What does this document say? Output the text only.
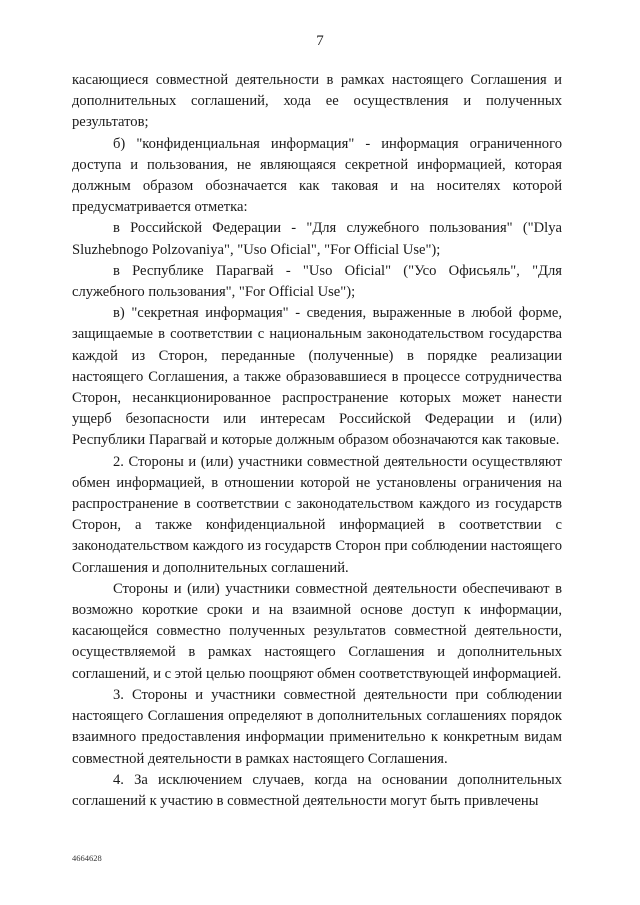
7

касающиеся совместной деятельности в рамках настоящего Соглашения и дополнительных соглашений, хода ее осуществления и полученных результатов;

б) "конфиденциальная информация" - информация ограниченного доступа и пользования, не являющаяся секретной информацией, которая должным образом обозначается как таковая и на носителях которой предусматривается отметка:

в Российской Федерации - "Для служебного пользования" ("Dlya Sluzhebnogo Polzovaniya", "Uso Oficial", "For Official Use");

в Республике Парагвай - "Uso Oficial" ("Усо Офисьяль", "Для служебного пользования", "For Official Use");

в) "секретная информация" - сведения, выраженные в любой форме, защищаемые в соответствии с национальным законодательством государства каждой из Сторон, переданные (полученные) в порядке реализации настоящего Соглашения, а также образовавшиеся в процессе сотрудничества Сторон, несанкционированное распространение которых может нанести ущерб безопасности или интересам Российской Федерации и (или) Республики Парагвай и которые должным образом обозначаются как таковые.

2. Стороны и (или) участники совместной деятельности осуществляют обмен информацией, в отношении которой не установлены ограничения на распространение в соответствии с законодательством каждого из государств Сторон, а также конфиденциальной информацией в соответствии с законодательством каждого из государств Сторон при соблюдении настоящего Соглашения и дополнительных соглашений.

Стороны и (или) участники совместной деятельности обеспечивают в возможно короткие сроки и на взаимной основе доступ к информации, касающейся совместно полученных результатов совместной деятельности, осуществляемой в рамках настоящего Соглашения и дополнительных соглашений, и с этой целью поощряют обмен соответствующей информацией.

3. Стороны и участники совместной деятельности при соблюдении настоящего Соглашения определяют в дополнительных соглашениях порядок взаимного предоставления информации применительно к конкретным видам совместной деятельности в рамках настоящего Соглашения.

4. За исключением случаев, когда на основании дополнительных соглашений к участию в совместной деятельности могут быть привлечены

4664628
